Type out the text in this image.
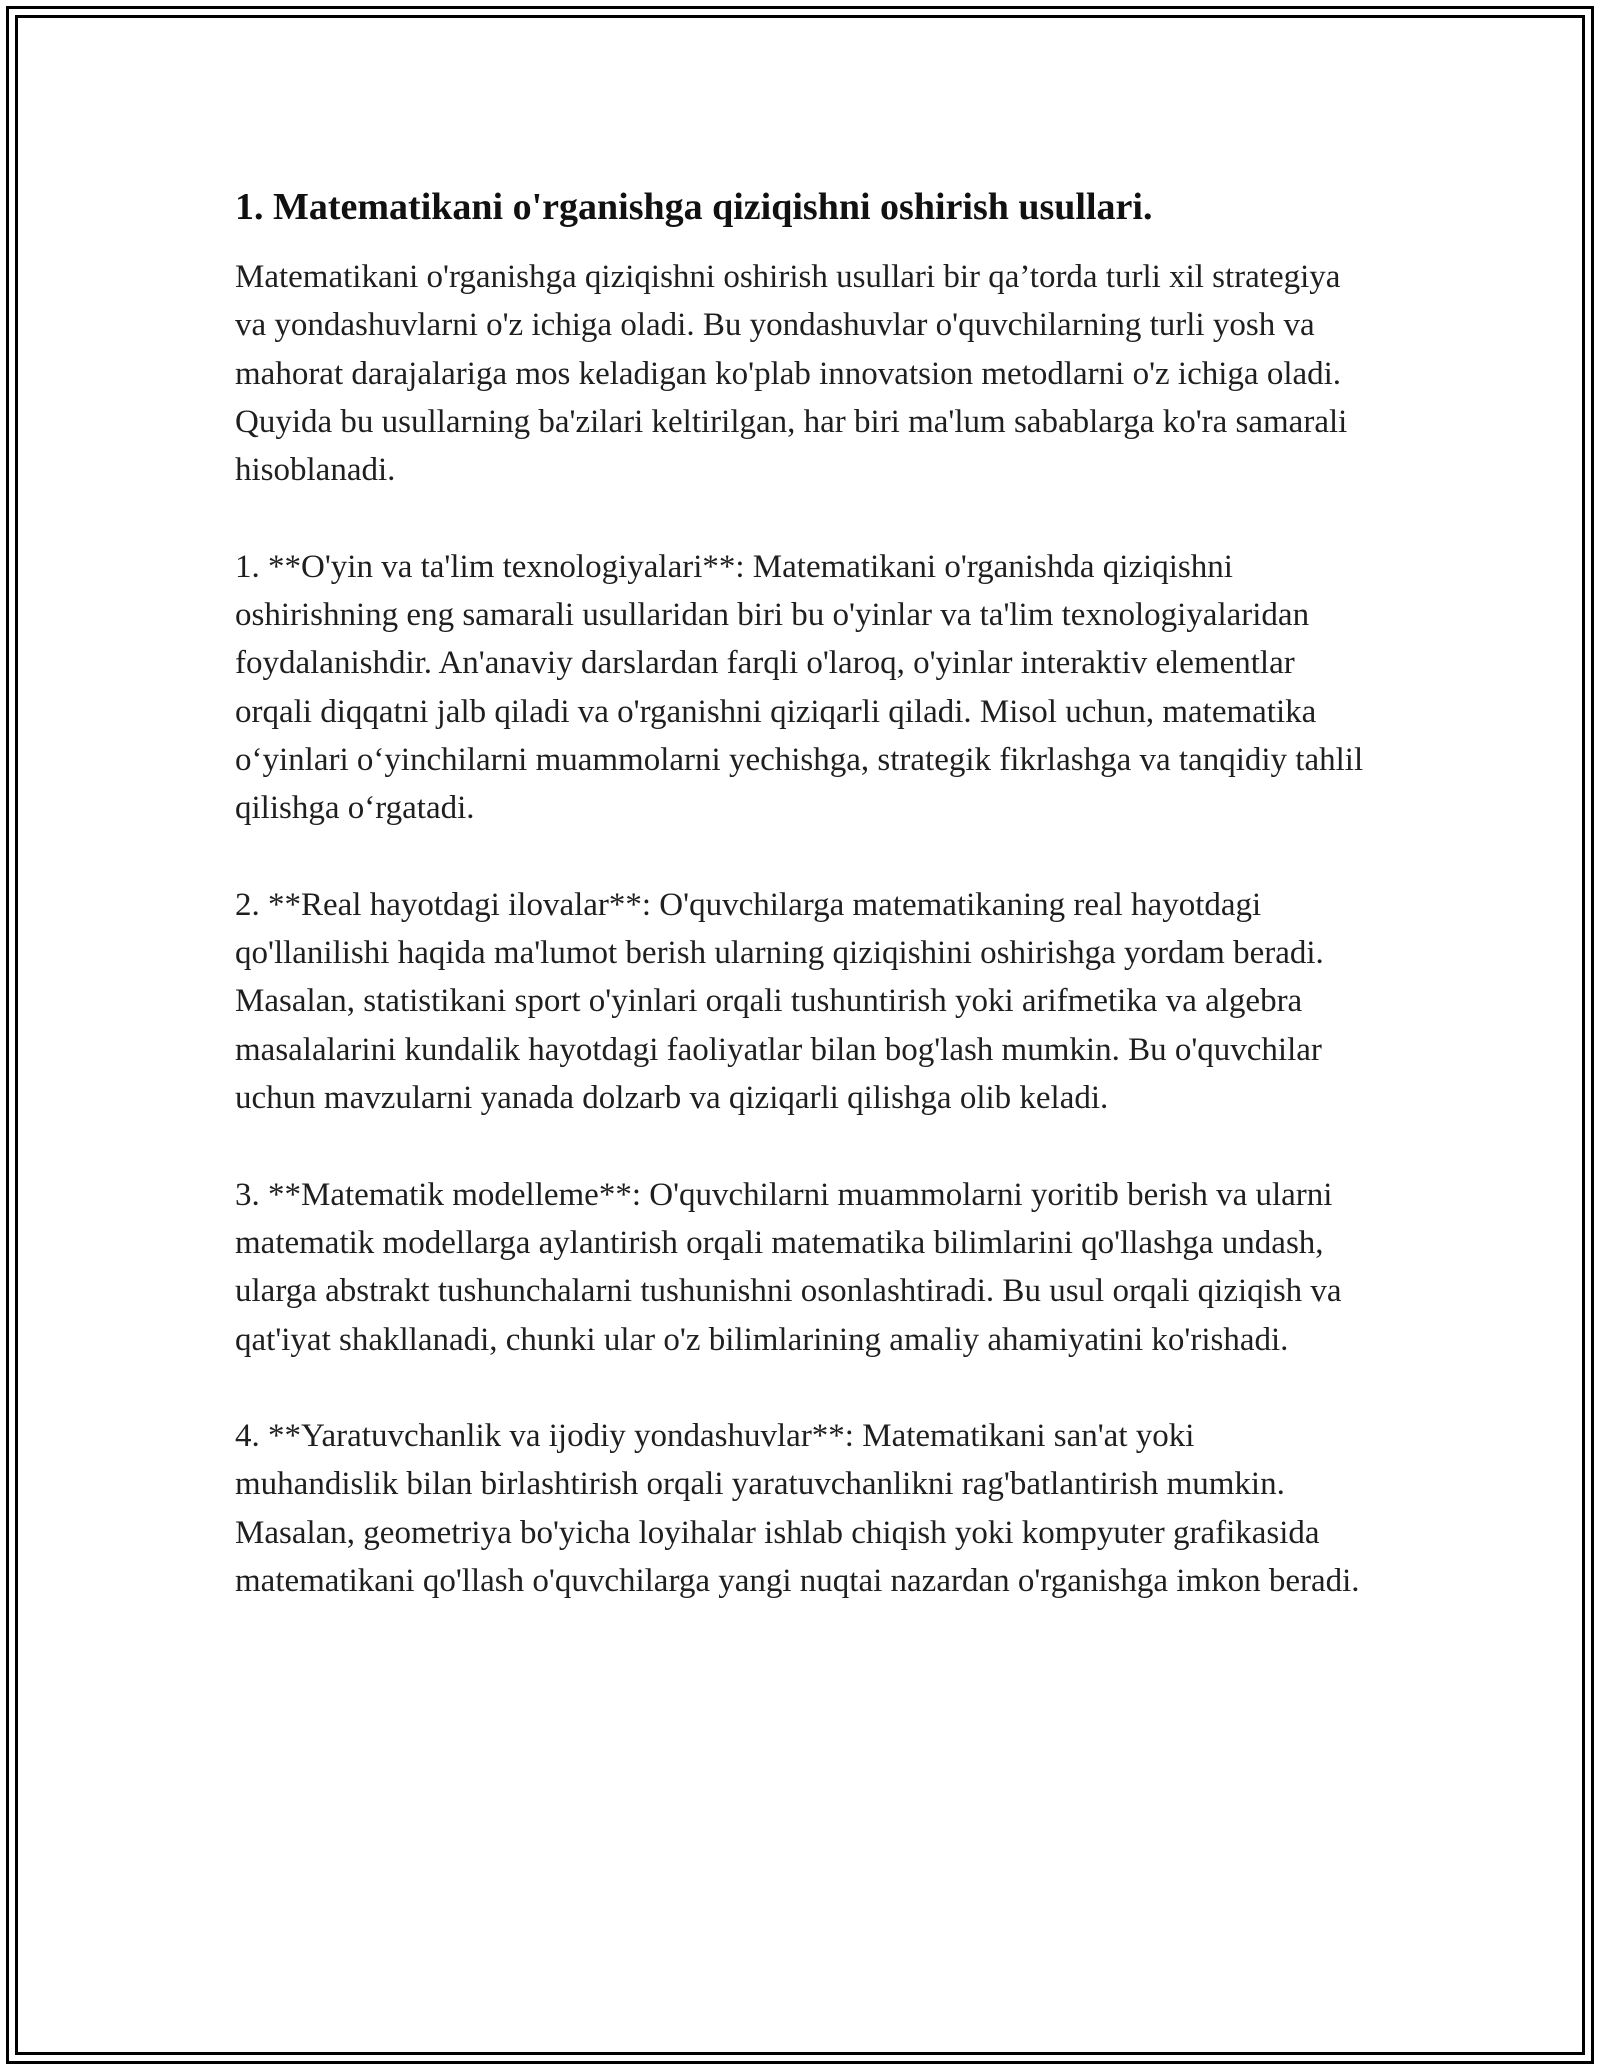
1. Matematikani o'rganishga qiziqishni oshirish usullari.

Matematikani o'rganishga qiziqishni oshirish usullari bir qa’torda turli xil strategiya va yondashuvlarni o'z ichiga oladi. Bu yondashuvlar o'quvchilarning turli yosh va mahorat darajalariga mos keladigan ko'plab innovatsion metodlarni o'z ichiga oladi. Quyida bu usullarning ba'zilari keltirilgan, har biri ma'lum sabablarga ko'ra samarali hisoblanadi.

1. **O'yin va ta'lim texnologiyalari**: Matematikani o'rganishda qiziqishni oshirishning eng samarali usullaridan biri bu o'yinlar va ta'lim texnologiyalaridan foydalanishdir. An'anaviy darslardan farqli o'laroq, o'yinlar interaktiv elementlar orqali diqqatni jalb qiladi va o'rganishni qiziqarli qiladi. Misol uchun, matematika o‘yinlari o‘yinchilarni muammolarni yechishga, strategik fikrlashga va tanqidiy tahlil qilishga o‘rgatadi.

2. **Real hayotdagi ilovalar**: O'quvchilarga matematikaning real hayotdagi qo'llanilishi haqida ma'lumot berish ularning qiziqishini oshirishga yordam beradi. Masalan, statistikani sport o'yinlari orqali tushuntirish yoki arifmetika va algebra masalalarini kundalik hayotdagi faoliyatlar bilan bog'lash mumkin. Bu o'quvchilar uchun mavzularni yanada dolzarb va qiziqarli qilishga olib keladi.

3. **Matematik modelleme**: O'quvchilarni muammolarni yoritib berish va ularni matematik modellarga aylantirish orqali matematika bilimlarini qo'llashga undash, ularga abstrakt tushunchalarni tushunishni osonlashtiradi. Bu usul orqali qiziqish va qat'iyat shakllanadi, chunki ular o'z bilimlarining amaliy ahamiyatini ko'rishadi.

4. **Yaratuvchanlik va ijodiy yondashuvlar**: Matematikani san'at yoki muhandislik bilan birlashtirish orqali yaratuvchanlikni rag'batlantirish mumkin. Masalan, geometriya bo'yicha loyihalar ishlab chiqish yoki kompyuter grafikasida matematikani qo'llash o'quvchilarga yangi nuqtai nazardan o'rganishga imkon beradi.
